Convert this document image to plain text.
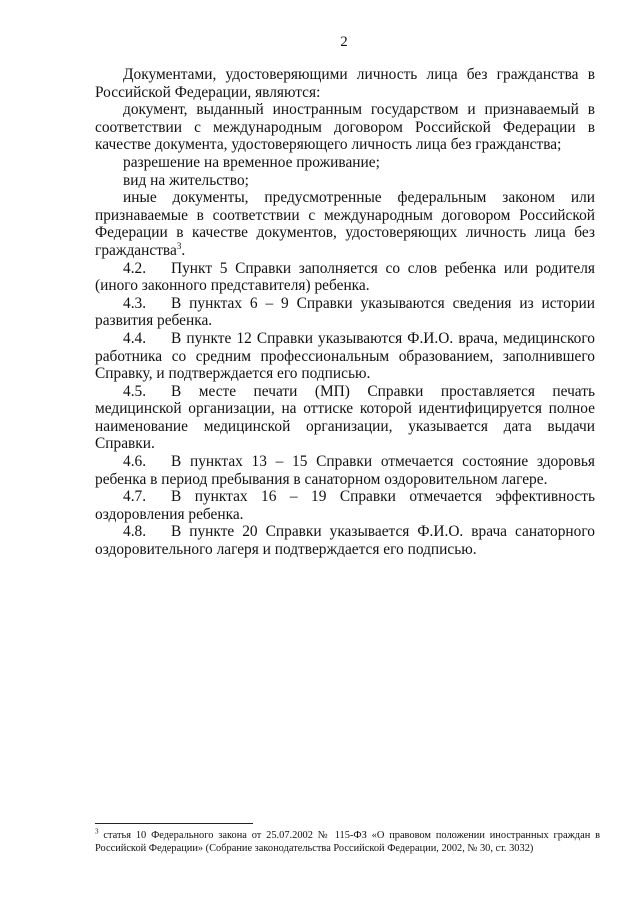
2

Документами, удостоверяющими личность лица без гражданства в Российской Федерации, являются:

документ, выданный иностранным государством и признаваемый в соответствии с международным договором Российской Федерации в качестве документа, удостоверяющего личность лица без гражданства;

разрешение на временное проживание;

вид на жительство;

иные документы, предусмотренные федеральным законом или признаваемые в соответствии с международным договором Российской Федерации в качестве документов, удостоверяющих личность лица без гражданства$^3$.

4.2. Пункт 5 Справки заполняется со слов ребенка или родителя (иного законного представителя) ребенка.

4.3. В пунктах 6 – 9 Справки указываются сведения из истории развития ребенка.

4.4. В пункте 12 Справки указываются Ф.И.О. врача, медицинского работника со средним профессиональным образованием, заполнившего Справку, и подтверждается его подписью.

4.5. В месте печати (МП) Справки проставляется печать медицинской организации, на оттиске которой идентифицируется полное наименование медицинской организации, указывается дата выдачи Справки.

4.6. В пунктах 13 – 15 Справки отмечается состояние здоровья ребенка в период пребывания в санаторном оздоровительном лагере.

4.7. В пунктах 16 – 19 Справки отмечается эффективность оздоровления ребенка.

4.8. В пункте 20 Справки указывается Ф.И.О. врача санаторного оздоровительного лагеря и подтверждается его подписью.

$^3$ статья 10 Федерального закона от 25.07.2002 № 115-ФЗ «О правовом положении иностранных граждан в Российской Федерации» (Собрание законодательства Российской Федерации, 2002, № 30, ст. 3032)
